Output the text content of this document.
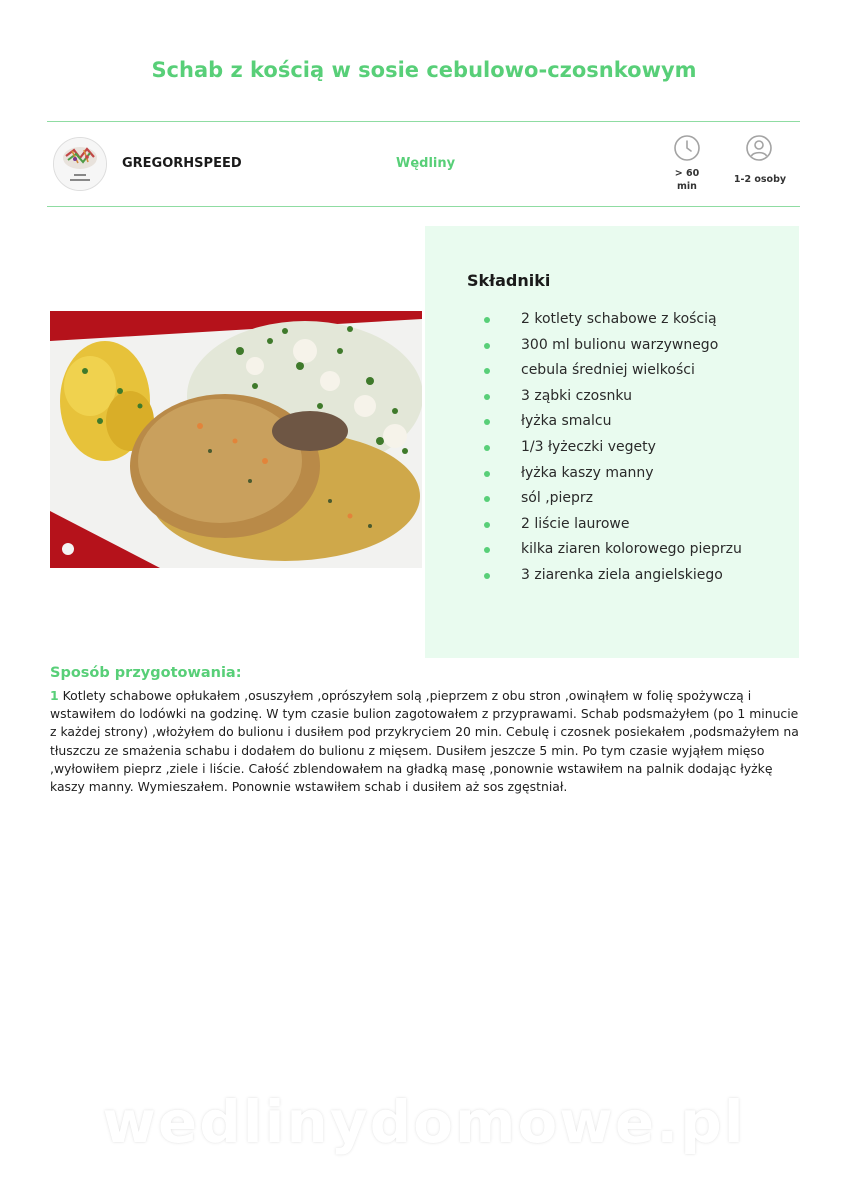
Schab z kością w sosie cebulowo-czosnkowym
GREGORHSPEED	Wędliny
> 60
min
1-2 osoby
Składniki
2 kotlety schabowe z kością
300 ml bulionu warzywnego
cebula średniej wielkości
3 ząbki czosnku
łyżka smalcu
1/3 łyżeczki vegety
łyżka kaszy manny
sól ,pieprz
2 liście laurowe
kilka ziaren kolorowego pieprzu
3 ziarenka ziela angielskiego
Sposób przygotowania:
1 Kotlety schabowe opłukałem ,osuszyłem ,oprószyłem solą ,pieprzem z obu stron ,owinąłem w folię spożywczą i wstawiłem do lodówki na godzinę. W tym czasie bulion zagotowałem z przyprawami. Schab podsmażyłem (po 1 minucie z każdej strony) ,włożyłem do bulionu i dusiłem pod przykryciem 20 min. Cebulę i czosnek posiekałem ,podsmażyłem na tłuszczu ze smażenia schabu i dodałem do bulionu z mięsem. Dusiłem jeszcze 5 min. Po tym czasie wyjąłem mięso ,wyłowiłem pieprz ,ziele i liście. Całość zblendowałem na gładką masę ,ponownie wstawiłem na palnik dodając łyżkę kaszy manny. Wymieszałem. Ponownie wstawiłem schab i dusiłem aż sos zgęstniał.
wedlinydomowe.pl
